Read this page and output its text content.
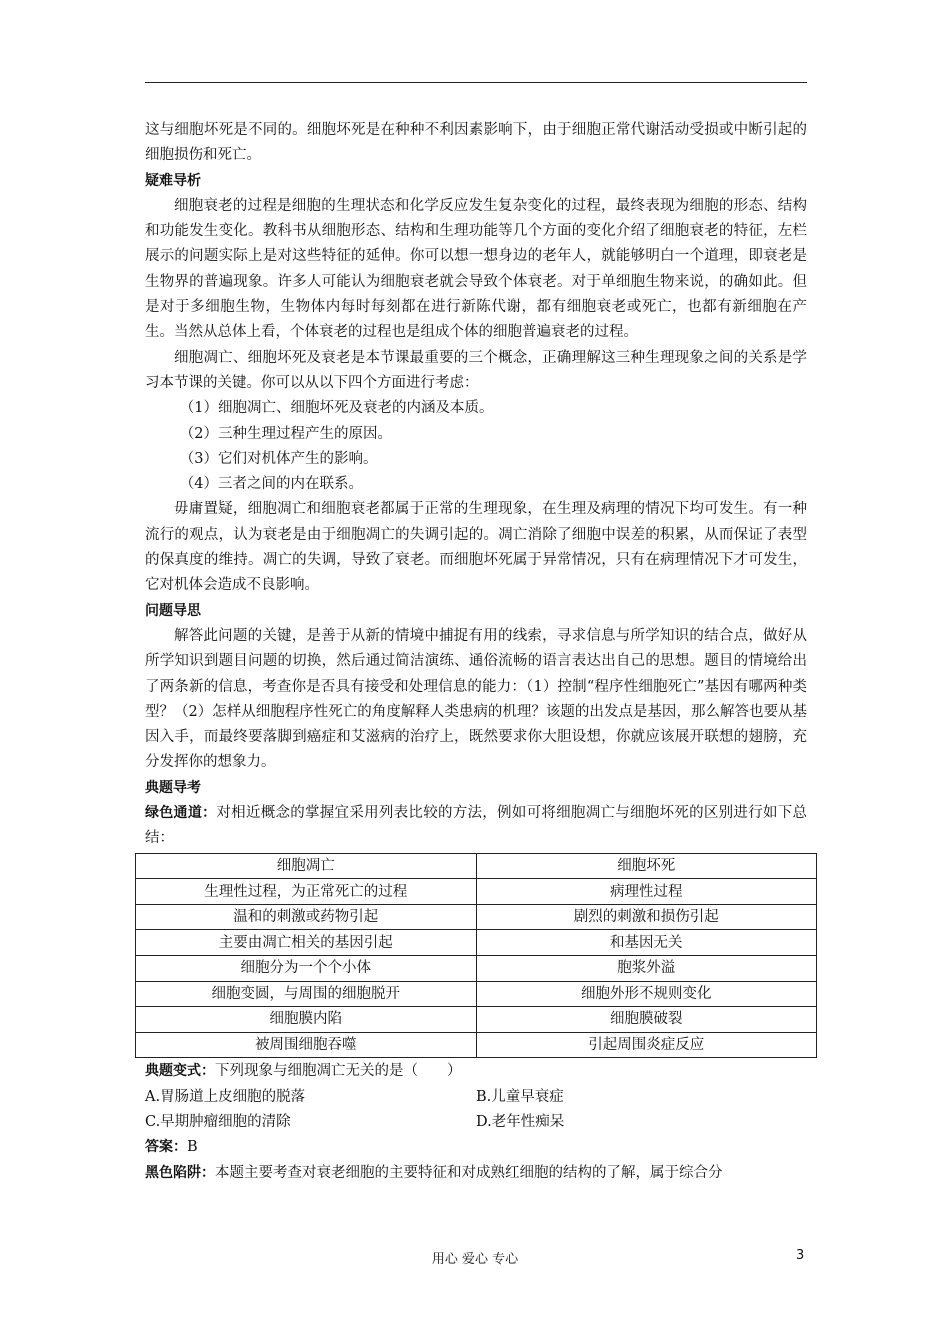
这与细胞坏死是不同的。细胞坏死是在种种不利因素影响下，由于细胞正常代谢活动受损或中断引起的细胞损伤和死亡。

疑难导析

细胞衰老的过程是细胞的生理状态和化学反应发生复杂变化的过程，最终表现为细胞的形态、结构和功能发生变化。教科书从细胞形态、结构和生理功能等几个方面的变化介绍了细胞衰老的特征，左栏展示的问题实际上是对这些特征的延伸。你可以想一想身边的老年人，就能够明白一个道理，即衰老是生物界的普遍现象。许多人可能认为细胞衰老就会导致个体衰老。对于单细胞生物来说，的确如此。但是对于多细胞生物，生物体内每时每刻都在进行新陈代谢，都有细胞衰老或死亡，也都有新细胞在产生。当然从总体上看，个体衰老的过程也是组成个体的细胞普遍衰老的过程。

细胞凋亡、细胞坏死及衰老是本节课最重要的三个概念，正确理解这三种生理现象之间的关系是学习本节课的关键。你可以从以下四个方面进行考虑：

（1）细胞凋亡、细胞坏死及衰老的内涵及本质。

（2）三种生理过程产生的原因。

（3）它们对机体产生的影响。

（4）三者之间的内在联系。

毋庸置疑，细胞凋亡和细胞衰老都属于正常的生理现象，在生理及病理的情况下均可发生。有一种流行的观点，认为衰老是由于细胞凋亡的失调引起的。凋亡消除了细胞中误差的积累，从而保证了表型的保真度的维持。凋亡的失调，导致了衰老。而细胞坏死属于异常情况，只有在病理情况下才可发生，它对机体会造成不良影响。

问题导思

解答此问题的关键，是善于从新的情境中捕捉有用的线索，寻求信息与所学知识的结合点，做好从所学知识到题目问题的切换，然后通过简洁演练、通俗流畅的语言表达出自己的思想。题目的情境给出了两条新的信息，考查你是否具有接受和处理信息的能力：（1）控制“程序性细胞死亡”基因有哪两种类型？（2）怎样从细胞程序性死亡的角度解释人类患病的机理？该题的出发点是基因，那么解答也要从基因入手，而最终要落脚到癌症和艾滋病的治疗上，既然要求你大胆设想，你就应该展开联想的翅膀，充分发挥你的想象力。

典题导考

绿色通道：对相近概念的掌握宜采用列表比较的方法，例如可将细胞凋亡与细胞坏死的区别进行如下总结：

细胞凋亡	细胞坏死
生理性过程，为正常死亡的过程	病理性过程
温和的刺激或药物引起	剧烈的刺激和损伤引起
主要由凋亡相关的基因引起	和基因无关
细胞分为一个个小体	胞浆外溢
细胞变圆，与周围的细胞脱开	细胞外形不规则变化
细胞膜内陷	细胞膜破裂
被周围细胞吞噬	引起周围炎症反应

典题变式：下列现象与细胞凋亡无关的是（　　）

A.胃肠道上皮细胞的脱落	B.儿童早衰症

C.早期肿瘤细胞的清除	D.老年性痴呆

答案：B

黑色陷阱：本题主要考查对衰老细胞的主要特征和对成熟红细胞的结构的了解，属于综合分

用心 爱心 专心	3
